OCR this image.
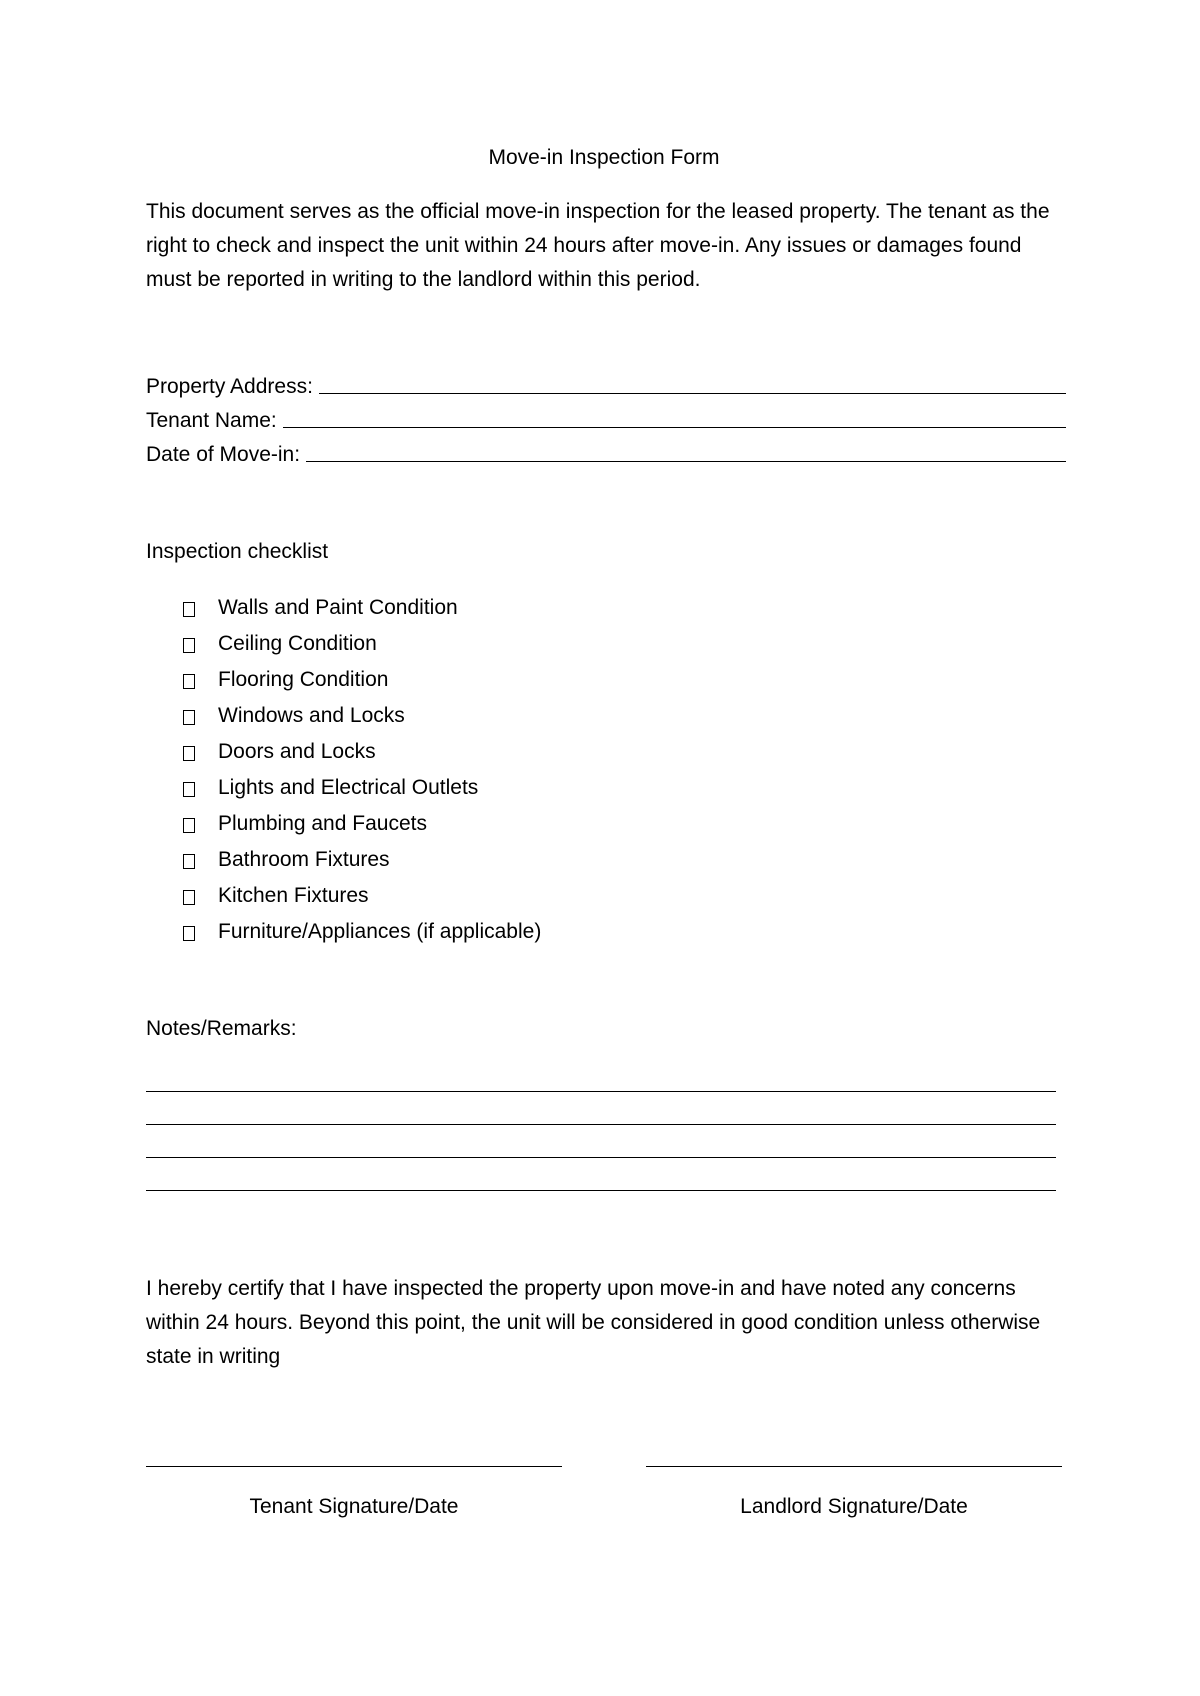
Move-in Inspection Form
This document serves as the official move-in inspection for the leased property. The tenant as the right to check and inspect the unit within 24 hours after move-in. Any issues or damages found must be reported in writing to the landlord within this period.
Property Address:
Tenant Name:
Date of Move-in:
Inspection checklist
Walls and Paint Condition
Ceiling Condition
Flooring Condition
Windows and Locks
Doors and Locks
Lights and Electrical Outlets
Plumbing and Faucets
Bathroom Fixtures
Kitchen Fixtures
Furniture/Appliances (if applicable)
Notes/Remarks:
I hereby certify that I have inspected the property upon move-in and have noted any concerns within 24 hours. Beyond this point, the unit will be considered in good condition unless otherwise state in writing
Tenant Signature/Date	Landlord Signature/Date
